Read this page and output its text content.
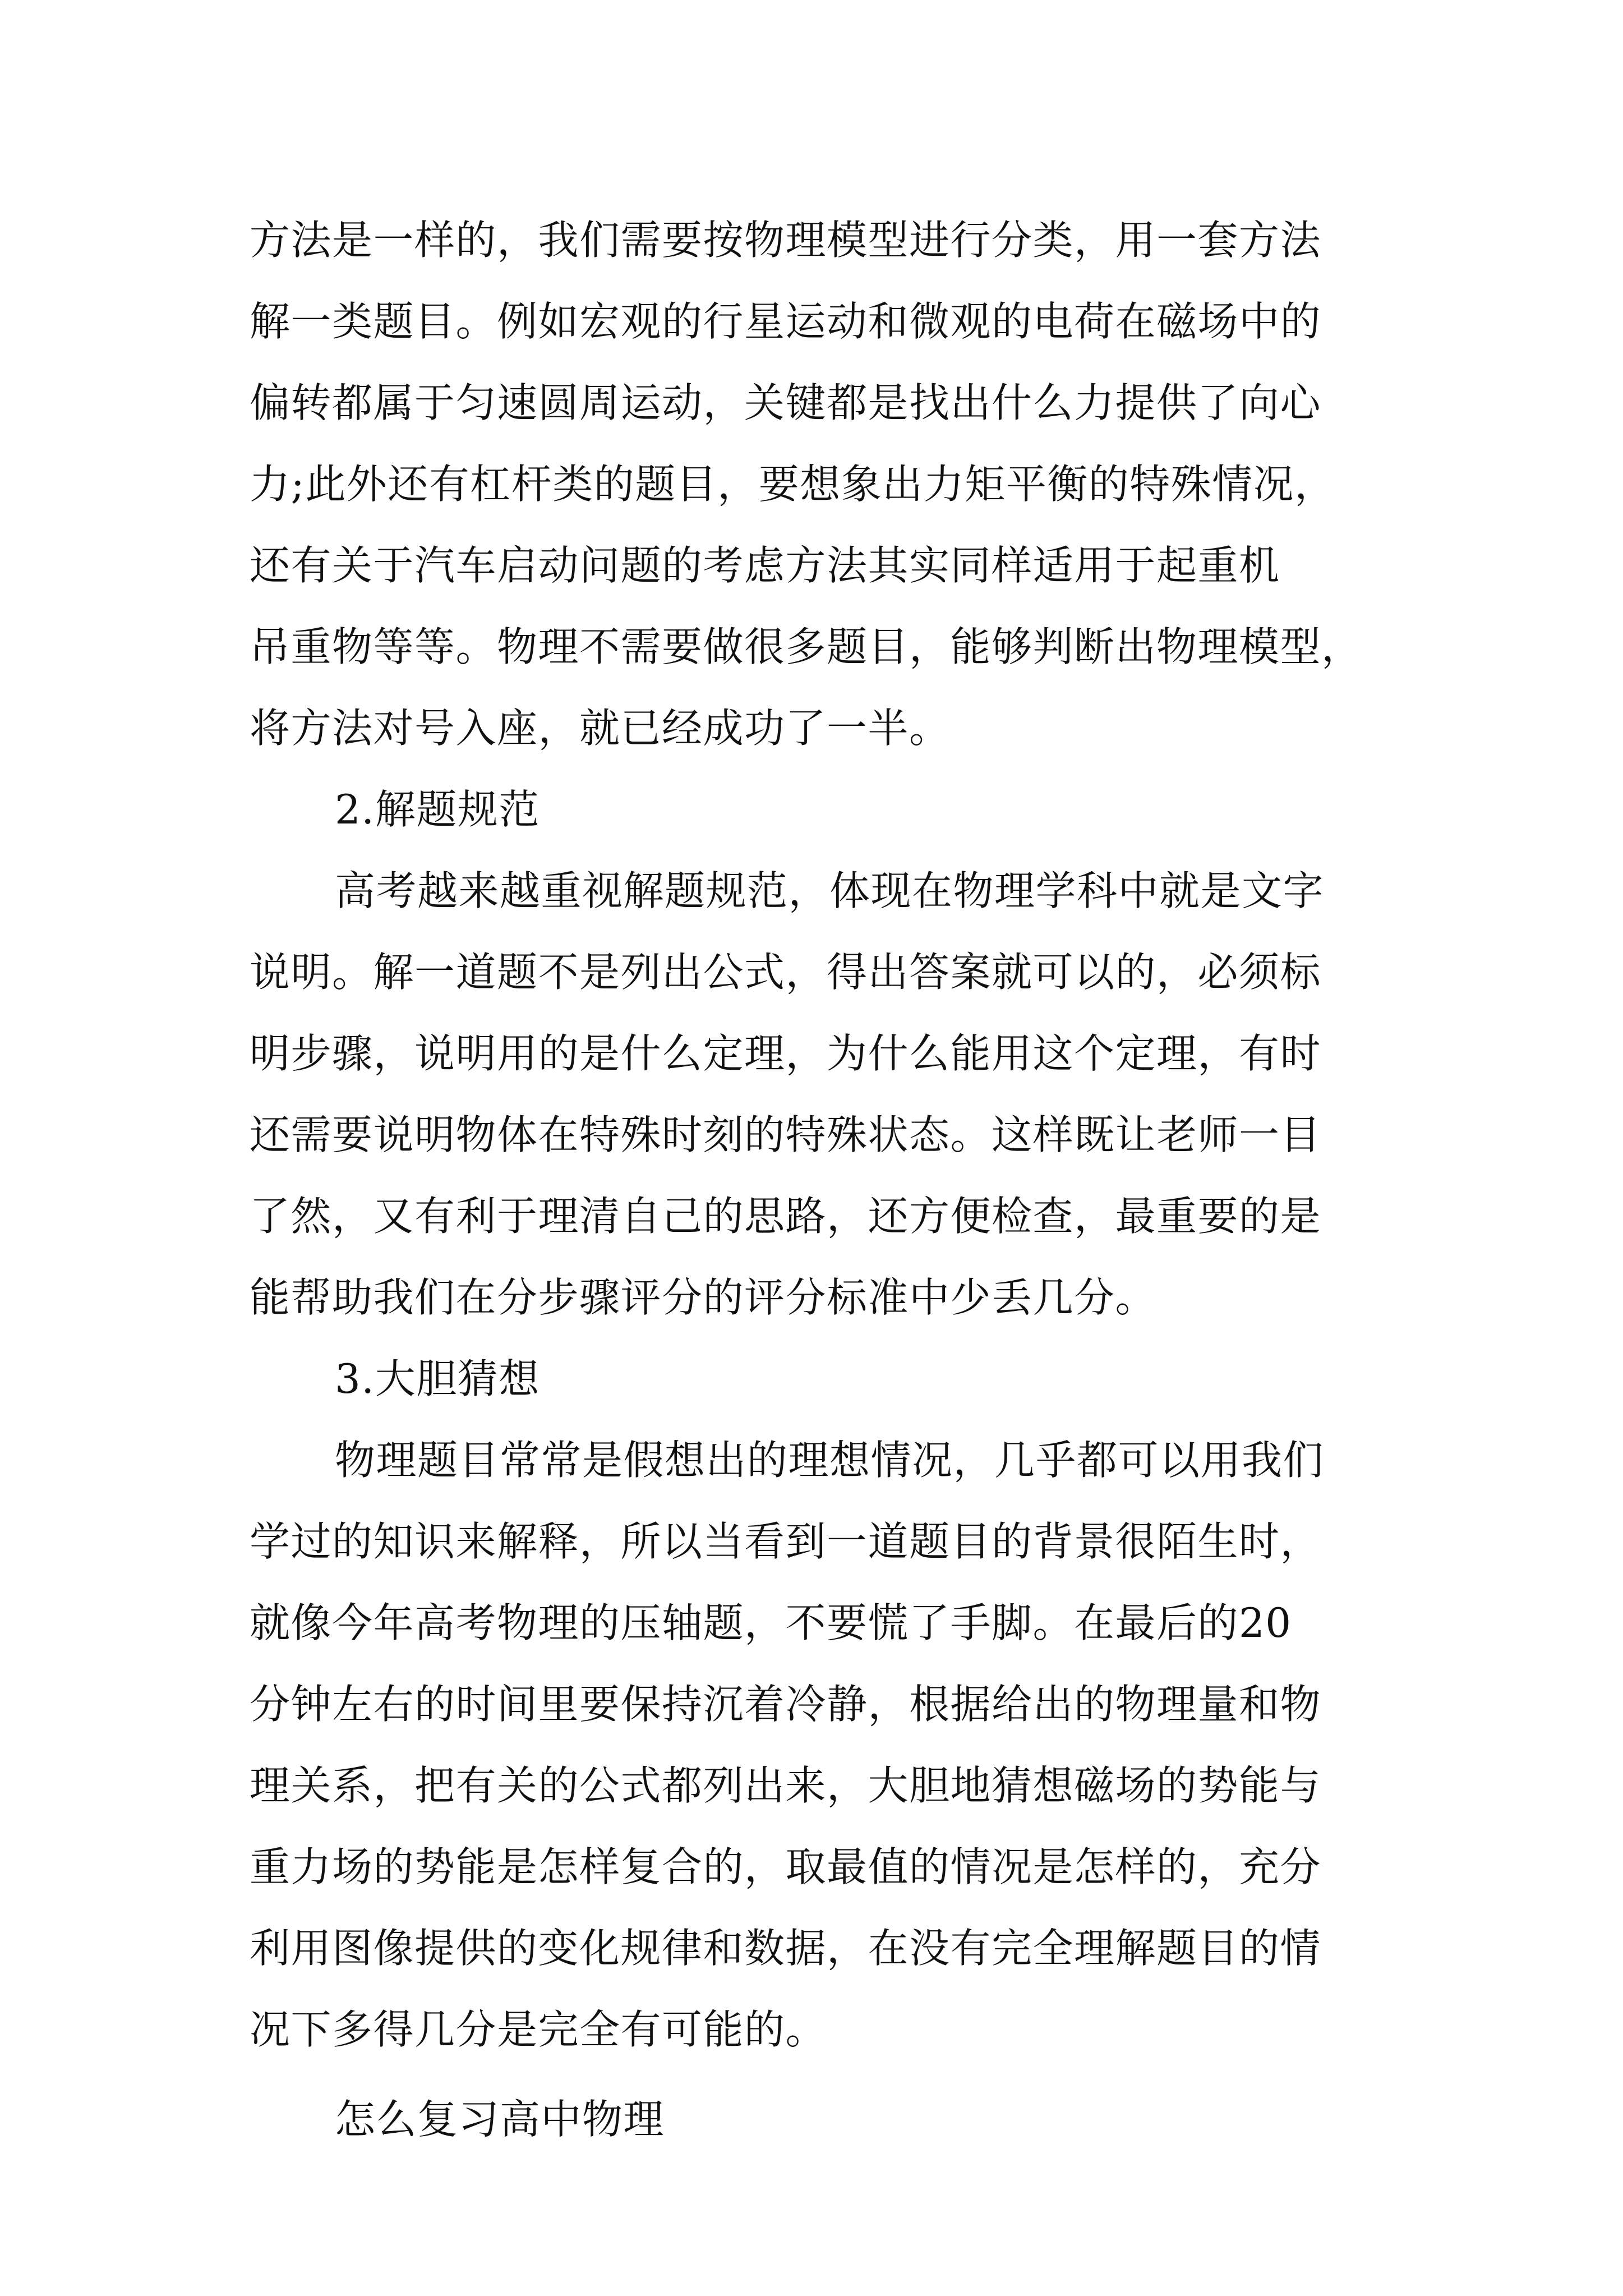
方法是一样的，我们需要按物理模型进行分类，用一套方法

解一类题目。例如宏观的行星运动和微观的电荷在磁场中的

偏转都属于匀速圆周运动，关键都是找出什么力提供了向心

力;此外还有杠杆类的题目，要想象出力矩平衡的特殊情况，

还有关于汽车启动问题的考虑方法其实同样适用于起重机

吊重物等等。物理不需要做很多题目，能够判断出物理模型，

将方法对号入座，就已经成功了一半。

2.解题规范

高考越来越重视解题规范，体现在物理学科中就是文字

说明。解一道题不是列出公式，得出答案就可以的，必须标

明步骤，说明用的是什么定理，为什么能用这个定理，有时

还需要说明物体在特殊时刻的特殊状态。这样既让老师一目

了然，又有利于理清自己的思路，还方便检查，最重要的是

能帮助我们在分步骤评分的评分标准中少丢几分。

3.大胆猜想

物理题目常常是假想出的理想情况，几乎都可以用我们

学过的知识来解释，所以当看到一道题目的背景很陌生时，

就像今年高考物理的压轴题，不要慌了手脚。在最后的20

分钟左右的时间里要保持沉着冷静，根据给出的物理量和物

理关系，把有关的公式都列出来，大胆地猜想磁场的势能与

重力场的势能是怎样复合的，取最值的情况是怎样的，充分

利用图像提供的变化规律和数据，在没有完全理解题目的情

况下多得几分是完全有可能的。

怎么复习高中物理
